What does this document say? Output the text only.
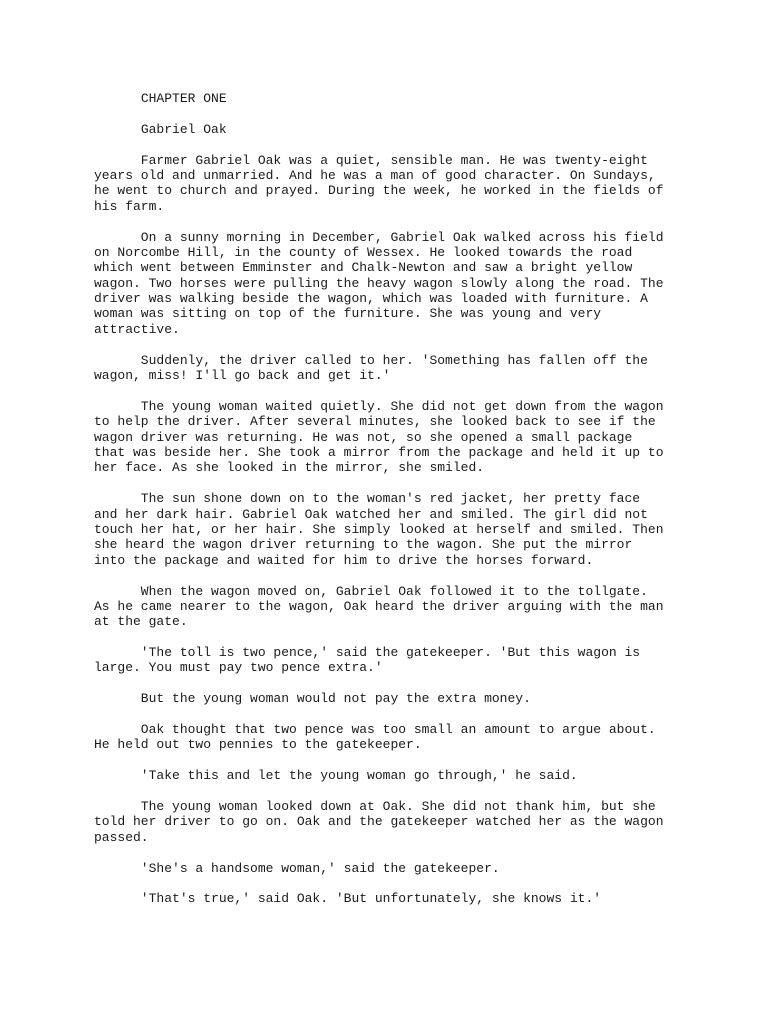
CHAPTER ONE
Gabriel Oak
Farmer Gabriel Oak was a quiet, sensible man. He was twenty-eight
years old and unmarried. And he was a man of good character. On Sundays,
he went to church and prayed. During the week, he worked in the fields of
his farm.
On a sunny morning in December, Gabriel Oak walked across his field
on Norcombe Hill, in the county of Wessex. He looked towards the road
which went between Emminster and Chalk-Newton and saw a bright yellow
wagon. Two horses were pulling the heavy wagon slowly along the road. The
driver was walking beside the wagon, which was loaded with furniture. A
woman was sitting on top of the furniture. She was young and very
attractive.
Suddenly, the driver called to her. 'Something has fallen off the
wagon, miss! I'll go back and get it.'
The young woman waited quietly. She did not get down from the wagon
to help the driver. After several minutes, she looked back to see if the
wagon driver was returning. He was not, so she opened a small package
that was beside her. She took a mirror from the package and held it up to
her face. As she looked in the mirror, she smiled.
The sun shone down on to the woman's red jacket, her pretty face
and her dark hair. Gabriel Oak watched her and smiled. The girl did not
touch her hat, or her hair. She simply looked at herself and smiled. Then
she heard the wagon driver returning to the wagon. She put the mirror
into the package and waited for him to drive the horses forward.
When the wagon moved on, Gabriel Oak followed it to the tollgate.
As he came nearer to the wagon, Oak heard the driver arguing with the man
at the gate.
'The toll is two pence,' said the gatekeeper. 'But this wagon is
large. You must pay two pence extra.'
But the young woman would not pay the extra money.
Oak thought that two pence was too small an amount to argue about.
He held out two pennies to the gatekeeper.
'Take this and let the young woman go through,' he said.
The young woman looked down at Oak. She did not thank him, but she
told her driver to go on. Oak and the gatekeeper watched her as the wagon
passed.
'She's a handsome woman,' said the gatekeeper.
'That's true,' said Oak. 'But unfortunately, she knows it.'
